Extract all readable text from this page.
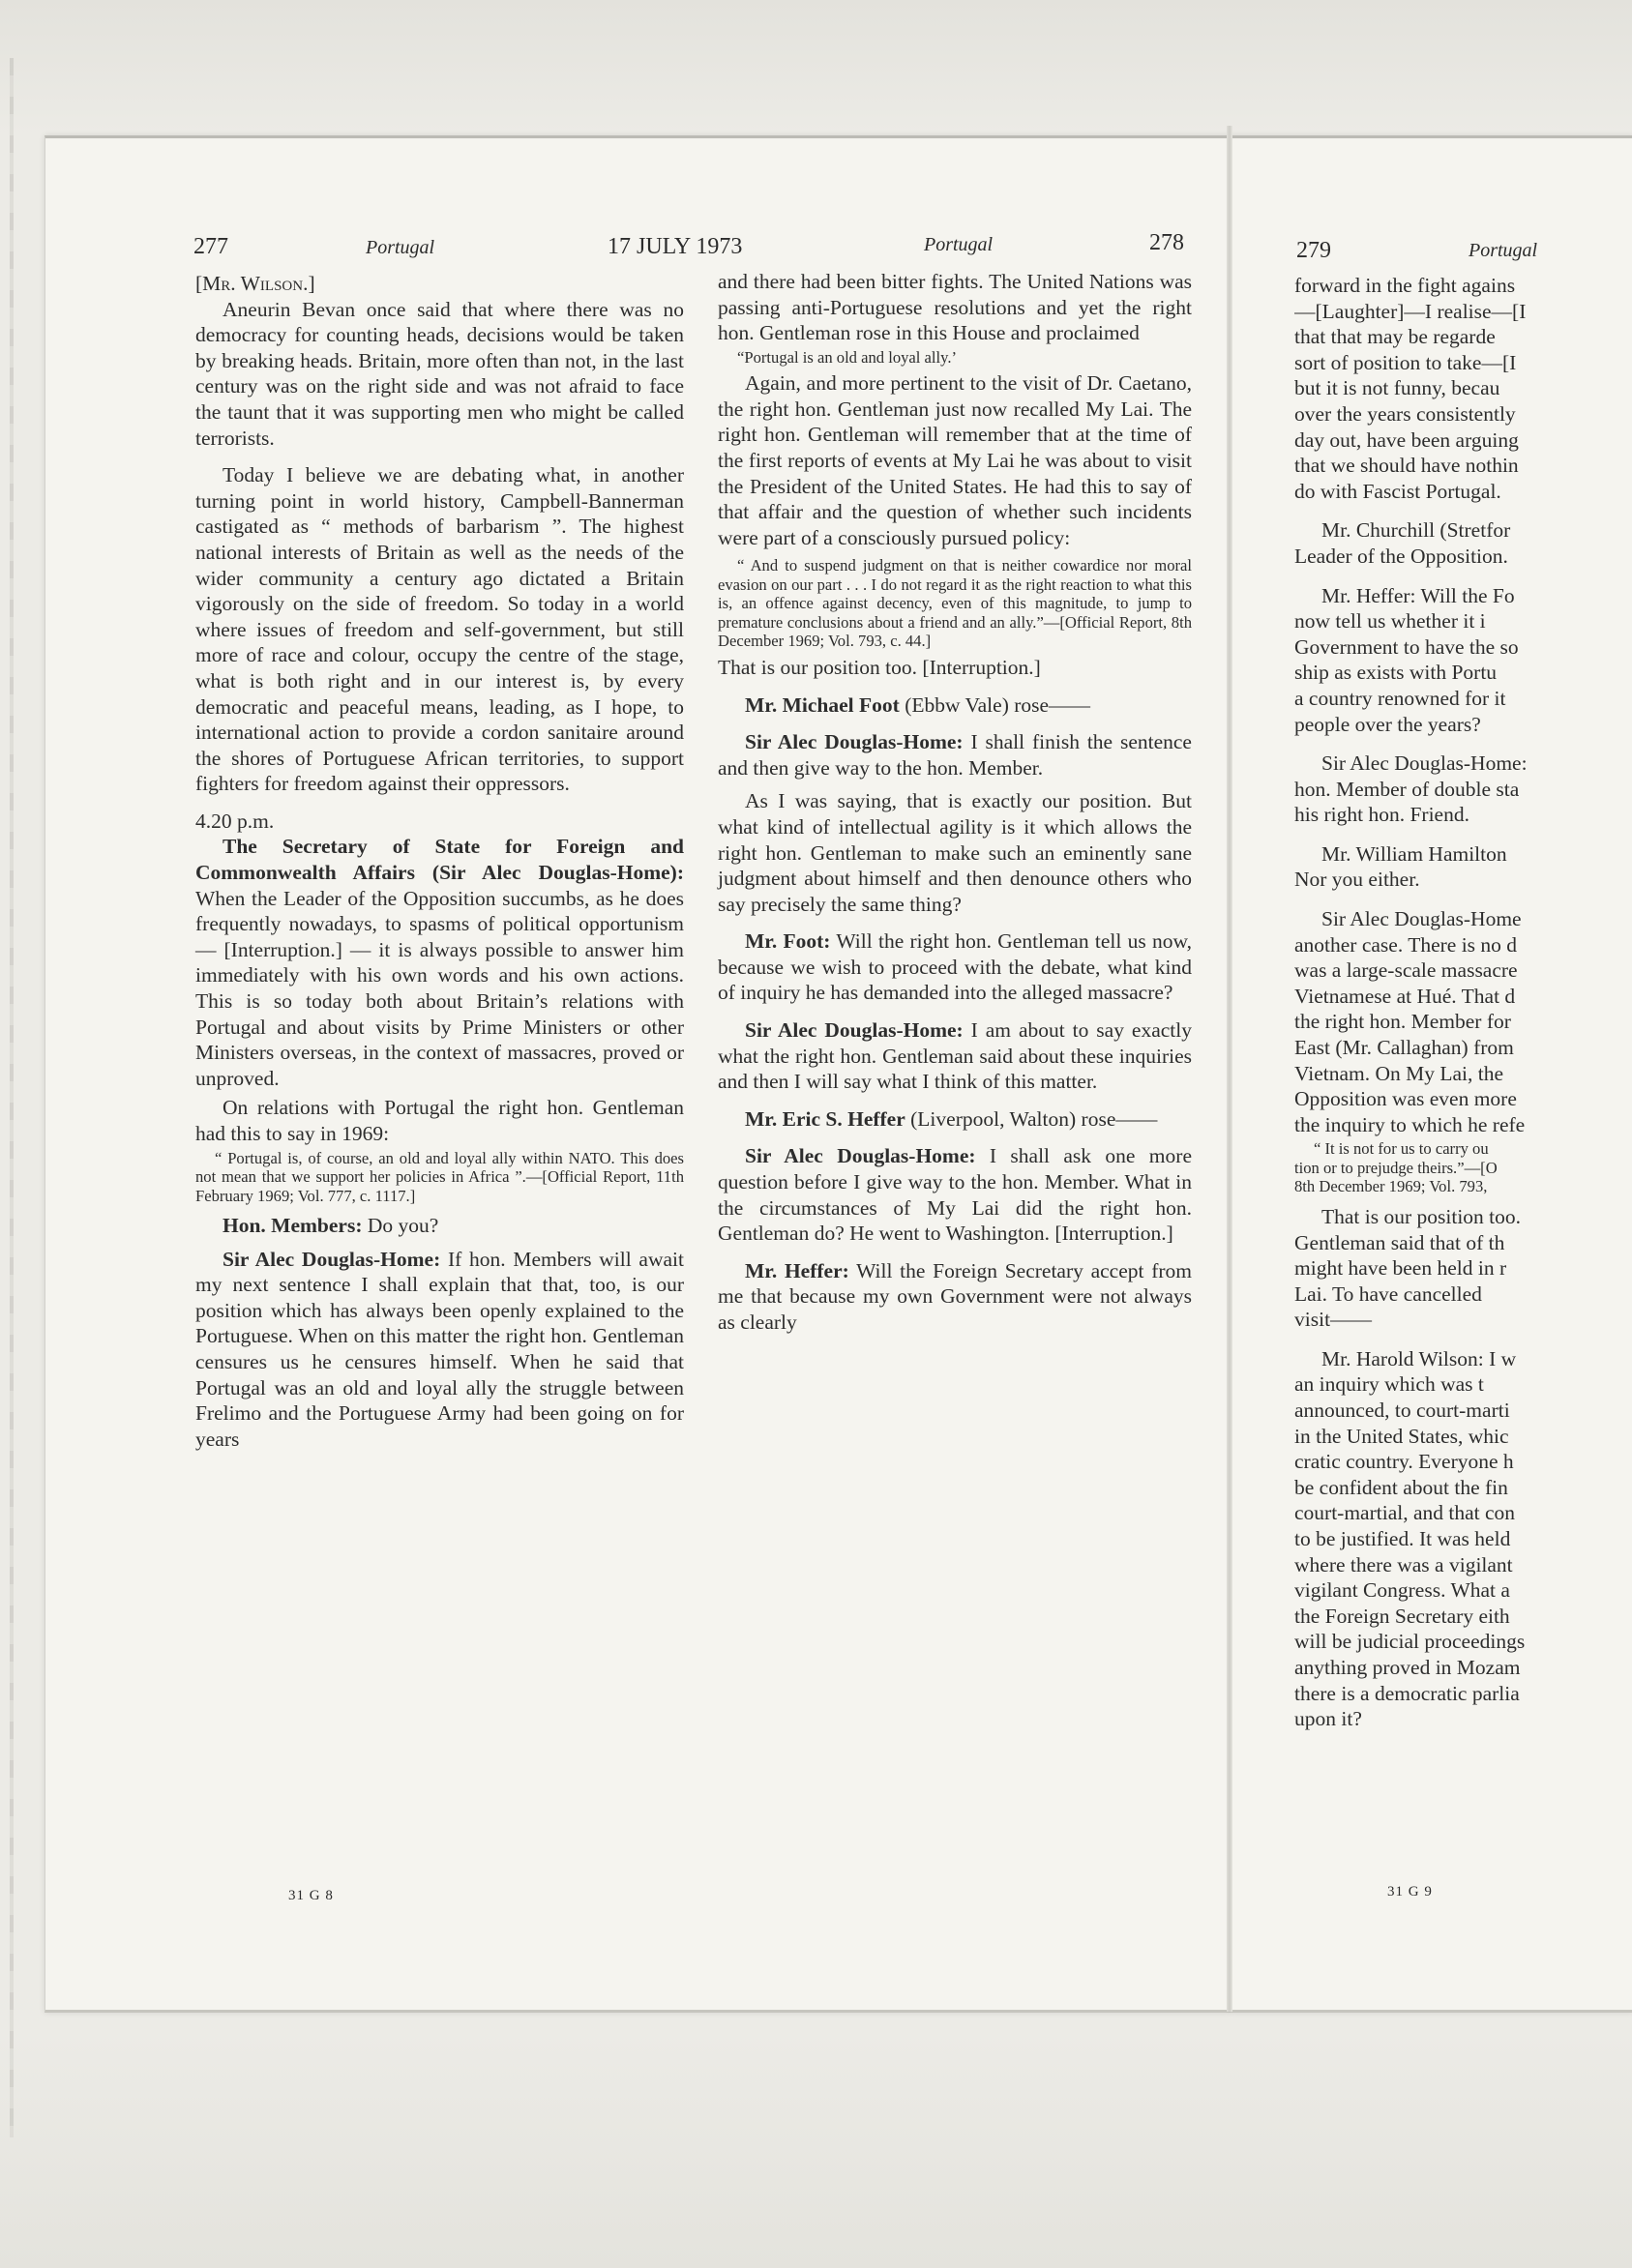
277	Portugal	17 JULY 1973	Portugal	278	279	Portugal

[Mr. Wilson.]

Aneurin Bevan once said that where there was no democracy for counting heads, decisions would be taken by breaking heads. Britain, more often than not, in the last century was on the right side and was not afraid to face the taunt that it was supporting men who might be called terrorists.

Today I believe we are debating what, in another turning point in world history, Campbell-Bannerman castigated as “ methods of barbarism ”. The highest national interests of Britain as well as the needs of the wider community a century ago dictated a Britain vigorously on the side of freedom. So today in a world where issues of freedom and self-government, but still more of race and colour, occupy the centre of the stage, what is both right and in our interest is, by every democratic and peaceful means, leading, as I hope, to international action to provide a cordon sanitaire around the shores of Portuguese African territories, to support fighters for freedom against their oppressors.

4.20 p.m.

The Secretary of State for Foreign and Commonwealth Affairs (Sir Alec Douglas-Home): When the Leader of the Opposition succumbs, as he does frequently nowadays, to spasms of political opportunism — [Interruption.] — it is always possible to answer him immediately with his own words and his own actions. This is so today both about Britain’s relations with Portugal and about visits by Prime Ministers or other Ministers overseas, in the context of massacres, proved or unproved.

On relations with Portugal the right hon. Gentleman had this to say in 1969:

“ Portugal is, of course, an old and loyal ally within NATO. This does not mean that we support her policies in Africa ”.—[Official Report, 11th February 1969; Vol. 777, c. 1117.]

Hon. Members: Do you?

Sir Alec Douglas-Home: If hon. Members will await my next sentence I shall explain that that, too, is our position which has always been openly explained to the Portuguese. When on this matter the right hon. Gentleman censures us he censures himself. When he said that Portugal was an old and loyal ally the struggle between Frelimo and the Portuguese Army had been going on for years

31 G 8

and there had been bitter fights. The United Nations was passing anti-Portuguese resolutions and yet the right hon. Gentleman rose in this House and proclaimed

“Portugal is an old and loyal ally.’

Again, and more pertinent to the visit of Dr. Caetano, the right hon. Gentleman just now recalled My Lai. The right hon. Gentleman will remember that at the time of the first reports of events at My Lai he was about to visit the President of the United States. He had this to say of that affair and the question of whether such incidents were part of a consciously pursued policy:

“ And to suspend judgment on that is neither cowardice nor moral evasion on our part . . . I do not regard it as the right reaction to what this is, an offence against decency, even of this magnitude, to jump to premature conclusions about a friend and an ally.”—[Official Report, 8th December 1969; Vol. 793, c. 44.]

That is our position too. [Interruption.]

Mr. Michael Foot (Ebbw Vale) rose——

Sir Alec Douglas-Home: I shall finish the sentence and then give way to the hon. Member.

As I was saying, that is exactly our position. But what kind of intellectual agility is it which allows the right hon. Gentleman to make such an eminently sane judgment about himself and then denounce others who say precisely the same thing?

Mr. Foot: Will the right hon. Gentleman tell us now, because we wish to proceed with the debate, what kind of inquiry he has demanded into the alleged massacre?

Sir Alec Douglas-Home: I am about to say exactly what the right hon. Gentleman said about these inquiries and then I will say what I think of this matter.

Mr. Eric S. Heffer (Liverpool, Walton) rose——

Sir Alec Douglas-Home: I shall ask one more question before I give way to the hon. Member. What in the circumstances of My Lai did the right hon. Gentleman do? He went to Washington. [Interruption.]

Mr. Heffer: Will the Foreign Secretary accept from me that because my own Government were not always as clearly

forward in the fight agains
—[Laughter]—I realise—[I
that that may be regarde
sort of position to take—[I
but it is not funny, becau
over the years consistently
day out, have been arguing
that we should have nothin
do with Fascist Portugal.
Mr. Churchill (Stretfor
Leader of the Opposition.
Mr. Heffer: Will the Fo
now tell us whether it i
Government to have the so
ship as exists with Portu
a country renowned for it
people over the years?
Sir Alec Douglas-Home:
hon. Member of double sta
his right hon. Friend.
Mr. William Hamilton
Nor you either.
Sir Alec Douglas-Home
another case. There is no d
was a large-scale massacre
Vietnamese at Hué. That d
the right hon. Member for
East (Mr. Callaghan) from
Vietnam. On My Lai, the
Opposition was even more
the inquiry to which he refe
“ It is not for us to carry ou
tion or to prejudge theirs.”—[O
8th December 1969; Vol. 793,
That is our position too.
Gentleman said that of th
might have been held in r
Lai. To have cancelled
visit——
Mr. Harold Wilson: I w
an inquiry which was t
announced, to court-marti
in the United States, whic
cratic country. Everyone h
be confident about the fin
court-martial, and that con
to be justified. It was held
where there was a vigilant
vigilant Congress. What a
the Foreign Secretary eith
will be judicial proceedings
anything proved in Mozam
there is a democratic parlia
upon it?
31 G 9
